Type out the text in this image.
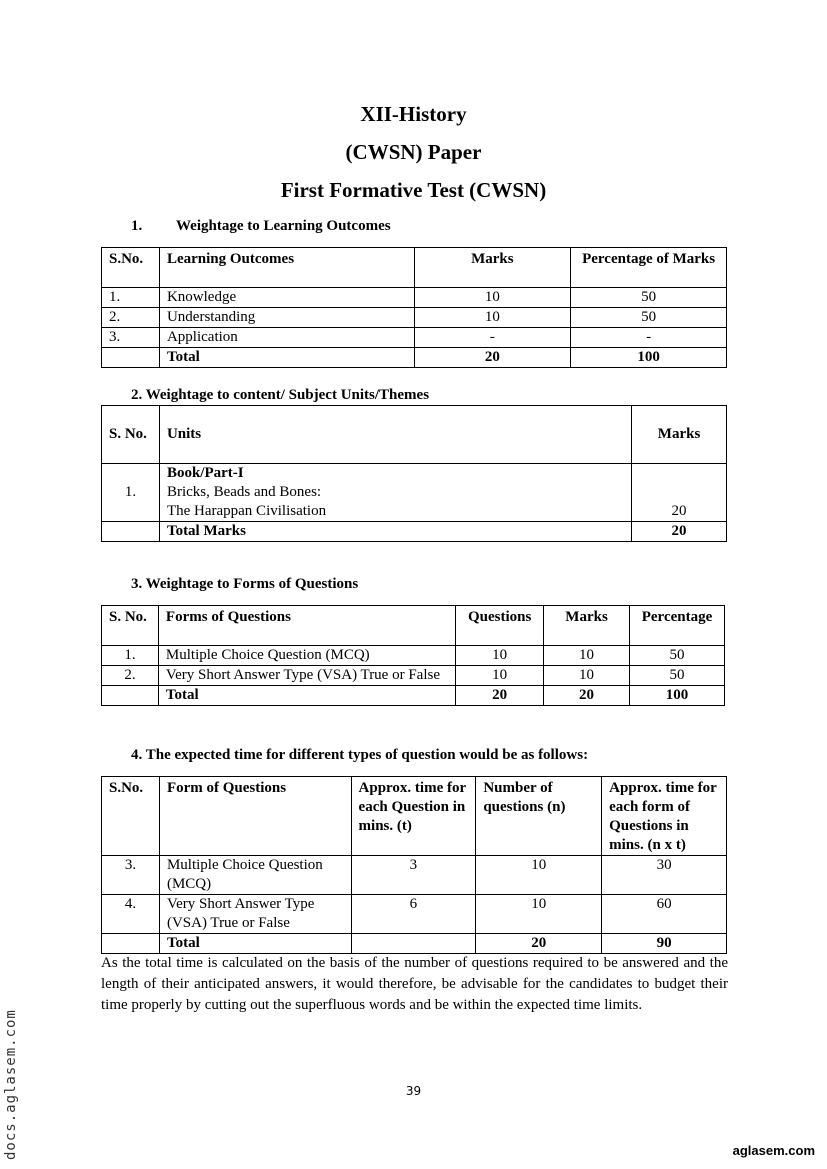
XII-History
(CWSN) Paper
First Formative Test (CWSN)
1. Weightage to Learning Outcomes
S.No.	Learning Outcomes	Marks	Percentage of Marks
1.	Knowledge	10	50
2.	Understanding	10	50
3.	Application	-	-
	Total	20	100
2. Weightage to content/ Subject Units/Themes
S. No.	Units	Marks
1.	Book/Part-I
Bricks, Beads and Bones:
The Harappan Civilisation	20
	Total Marks	20
3. Weightage to Forms of Questions
S. No.	Forms of Questions	Questions	Marks	Percentage
1.	Multiple Choice Question (MCQ)	10	10	50
2.	Very Short Answer Type (VSA) True or False	10	10	50
	Total	20	20	100
4. The expected time for different types of question would be as follows:
S.No.	Form of Questions	Approx. time for each Question in mins. (t)	Number of questions (n)	Approx. time for each form of Questions in mins. (n x t)
3.	Multiple Choice Question (MCQ)	3	10	30
4.	Very Short Answer Type (VSA) True or False	6	10	60
	Total		20	90
As the total time is calculated on the basis of the number of questions required to be answered and the length of their anticipated answers, it would therefore, be advisable for the candidates to budget their time properly by cutting out the superfluous words and be within the expected time limits.
39
docs.aglasem.com	aglasem.com
